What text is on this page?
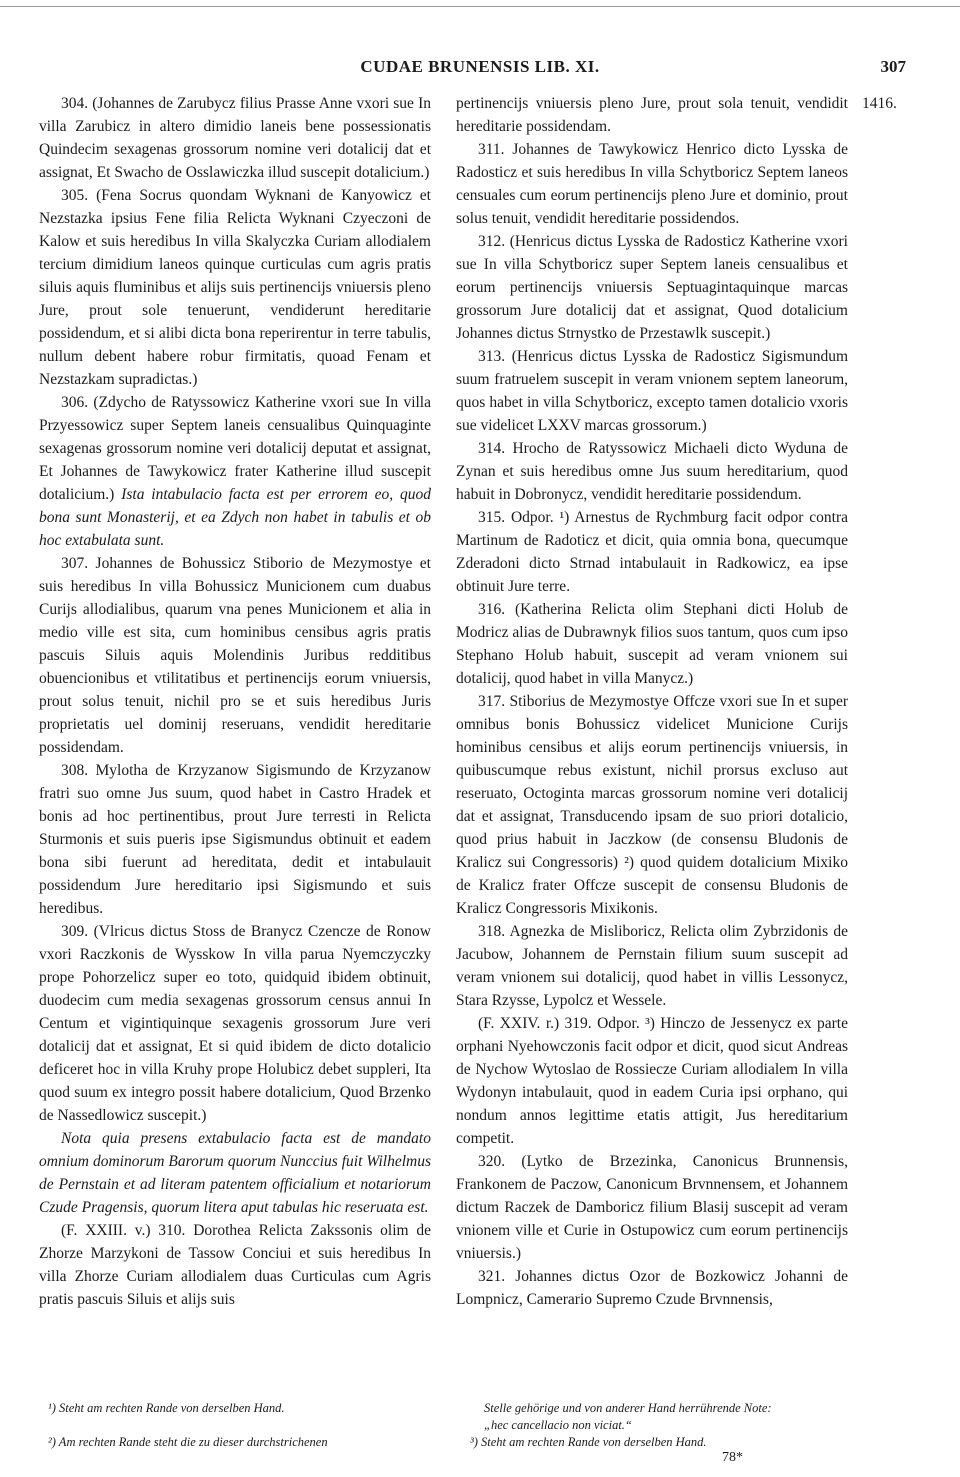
CUDAE BRUNENSIS LIB. XI.	307
1416.

304. (Johannes de Zarubycz filius Prasse Anne vxori sue In villa Zarubicz in altero dimidio laneis bene possessionatis Quindecim sexagenas grossorum nomine veri dotalicij dat et assignat, Et Swacho de Osslawiczka illud suscepit dotalicium.)

305. (Fena Socrus quondam Wyknani de Kanyowicz et Nezstazka ipsius Fene filia Relicta Wyknani Czyeczoni de Kalow et suis heredibus In villa Skalyczka Curiam allodialem tercium dimidium laneos quinque curticulas cum agris pratis siluis aquis fluminibus et alijs suis pertinencijs vniuersis pleno Jure, prout sole tenuerunt, vendiderunt hereditarie possidendum, et si alibi dicta bona reperirentur in terre tabulis, nullum debent habere robur firmitatis, quoad Fenam et Nezstazkam supradictas.)

306. (Zdycho de Ratyssowicz Katherine vxori sue In villa Przyessowicz super Septem laneis censualibus Quinquaginte sexagenas grossorum nomine veri dotalicij deputat et assignat, Et Johannes de Tawykowicz frater Katherine illud suscepit dotalicium.) Ista intabulacio facta est per errorem eo, quod bona sunt Monasterij, et ea Zdych non habet in tabulis et ob hoc extabulata sunt.

307. Johannes de Bohussicz Stiborio de Mezymostye et suis heredibus In villa Bohussicz Municionem cum duabus Curijs allodialibus, quarum vna penes Municionem et alia in medio ville est sita, cum hominibus censibus agris pratis pascuis Siluis aquis Molendinis Juribus redditibus obuencionibus et vtilitatibus et pertinencijs eorum vniuersis, prout solus tenuit, nichil pro se et suis heredibus Juris proprietatis uel dominij reseruans, vendidit hereditarie possidendam.

308. Mylotha de Krzyzanow Sigismundo de Krzyzanow fratri suo omne Jus suum, quod habet in Castro Hradek et bonis ad hoc pertinentibus, prout Jure terresti in Relicta Sturmonis et suis pueris ipse Sigismundus obtinuit et eadem bona sibi fuerunt ad hereditata, dedit et intabulauit possidendum Jure hereditario ipsi Sigismundo et suis heredibus.

309. (Vlricus dictus Stoss de Branycz Czencze de Ronow vxori Raczkonis de Wysskow In villa parua Nyemczyczky prope Pohorzelicz super eo toto, quidquid ibidem obtinuit, duodecim cum media sexagenas grossorum census annui In Centum et vigintiquinque sexagenis grossorum Jure veri dotalicij dat et assignat, Et si quid ibidem de dicto dotalicio deficeret hoc in villa Kruhy prope Holubicz debet suppleri, Ita quod suum ex integro possit habere dotalicium, Quod Brzenko de Nassedlowicz suscepit.)

Nota quia presens extabulacio facta est de mandato omnium dominorum Barorum quorum Nunccius fuit Wilhelmus de Pernstain et ad literam patentem officialium et notariorum Czude Pragensis, quorum litera aput tabulas hic reseruata est.

(F. XXIII. v.) 310. Dorothea Relicta Zakssonis olim de Zhorze Marzykoni de Tassow Conciui et suis heredibus In villa Zhorze Curiam allodialem duas Curticulas cum Agris pratis pascuis Siluis et alijs suis

pertinencijs vniuersis pleno Jure, prout sola tenuit, vendidit hereditarie possidendam.

311. Johannes de Tawykowicz Henrico dicto Lysska de Radosticz et suis heredibus In villa Schytboricz Septem laneos censuales cum eorum pertinencijs pleno Jure et dominio, prout solus tenuit, vendidit hereditarie possidendos.

312. (Henricus dictus Lysska de Radosticz Katherine vxori sue In villa Schytboricz super Septem laneis censualibus et eorum pertinencijs vniuersis Septuagintaquinque marcas grossorum Jure dotalicij dat et assignat, Quod dotalicium Johannes dictus Strnystko de Przestawlk suscepit.)

313. (Henricus dictus Lysska de Radosticz Sigismundum suum fratruelem suscepit in veram vnionem septem laneorum, quos habet in villa Schytboricz, excepto tamen dotalicio vxoris sue videlicet LXXV marcas grossorum.)

314. Hrocho de Ratyssowicz Michaeli dicto Wyduna de Zynan et suis heredibus omne Jus suum hereditarium, quod habuit in Dobronycz, vendidit hereditarie possidendum.

315. Odpor. ¹) Arnestus de Rychmburg facit odpor contra Martinum de Radoticz et dicit, quia omnia bona, quecumque Zderadoni dicto Strnad intabulauit in Radkowicz, ea ipse obtinuit Jure terre.

316. (Katherina Relicta olim Stephani dicti Holub de Modricz alias de Dubrawnyk filios suos tantum, quos cum ipso Stephano Holub habuit, suscepit ad veram vnionem sui dotalicij, quod habet in villa Manycz.)

317. Stiborius de Mezymostye Offcze vxori sue In et super omnibus bonis Bohussicz videlicet Municione Curijs hominibus censibus et alijs eorum pertinencijs vniuersis, in quibuscumque rebus existunt, nichil prorsus excluso aut reseruato, Octoginta marcas grossorum nomine veri dotalicij dat et assignat, Transducendo ipsam de suo priori dotalicio, quod prius habuit in Jaczkow (de consensu Bludonis de Kralicz sui Congressoris) ²) quod quidem dotalicium Mixiko de Kralicz frater Offcze suscepit de consensu Bludonis de Kralicz Congressoris Mixikonis.

318. Agnezka de Misliboricz, Relicta olim Zybrzidonis de Jacubow, Johannem de Pernstain filium suum suscepit ad veram vnionem sui dotalicij, quod habet in villis Lessonycz, Stara Rzysse, Lypolcz et Wessele.

(F. XXIV. r.) 319. Odpor. ³) Hinczo de Jessenycz ex parte orphani Nyehowczonis facit odpor et dicit, quod sicut Andreas de Nychow Wytoslao de Rossiecze Curiam allodialem In villa Wydonyn intabulauit, quod in eadem Curia ipsi orphano, qui nondum annos legittime etatis attigit, Jus hereditarium competit.

320. (Lytko de Brzezinka, Canonicus Brunnensis, Frankonem de Paczow, Canonicum Brvnnensem, et Johannem dictum Raczek de Damboricz filium Blasij suscepit ad veram vnionem ville et Curie in Ostupowicz cum eorum pertinencijs vniuersis.)

321. Johannes dictus Ozor de Bozkowicz Johanni de Lompnicz, Camerario Supremo Czude Brvnnensis,

¹) Steht am rechten Rande von derselben Hand.
²) Am rechten Rande steht die zu dieser durchstrichenen
Stelle gehörige und von anderer Hand herrührende Note:
„hec cancellacio non viciat.“
³) Steht am rechten Rande von derselben Hand.
78*
